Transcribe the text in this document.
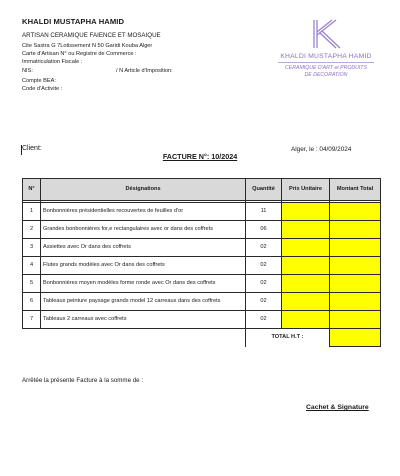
KHALDI MUSTAPHA HAMID
ARTISAN CERAMIQUE FAIENCE ET MOSAIQUE
Cite Sastra G 7Lotissement N 50 Garidi Kouba Alger
Carte d'Artisan N° ou Registre de Commerce :
Immatriculation Fiscale :
NIS:	/ N Article d'Imposition:
Compte BEA:
Code d'Activite :
KHALDI MUSTAPHA HAMID
CERAMIQUE D'ART et PRODUITS
DE DECORATION
Client:	Alger, le : 04/09/2024
FACTURE N°: 10/2024
N°	Désignations	Quantité	Prix Unitaire	Montant Total

1	Bonbonnières présidentielles recouvertes de feuilles d'or	11		
2	Grandes bonbonnières for,e rectangulaires avec or dans des coffrets	06		
3	Assiettes avec Or dans des coffrets	02		
4	Flutes grands modèles avec Or dans des coffrets	02		
5	Bonbonnières moyen modèles forme ronde avec Or dans des coffrets	02		
6	Tableaux peinture paysage grands model 12 carreaux dans des coffrets	02		
7	Tableaux 2 carreaux avec coffrets	02		
		TOTAL H.T :		
Arrêtée la présente Facture à la somme de :
Cachet & Signature
